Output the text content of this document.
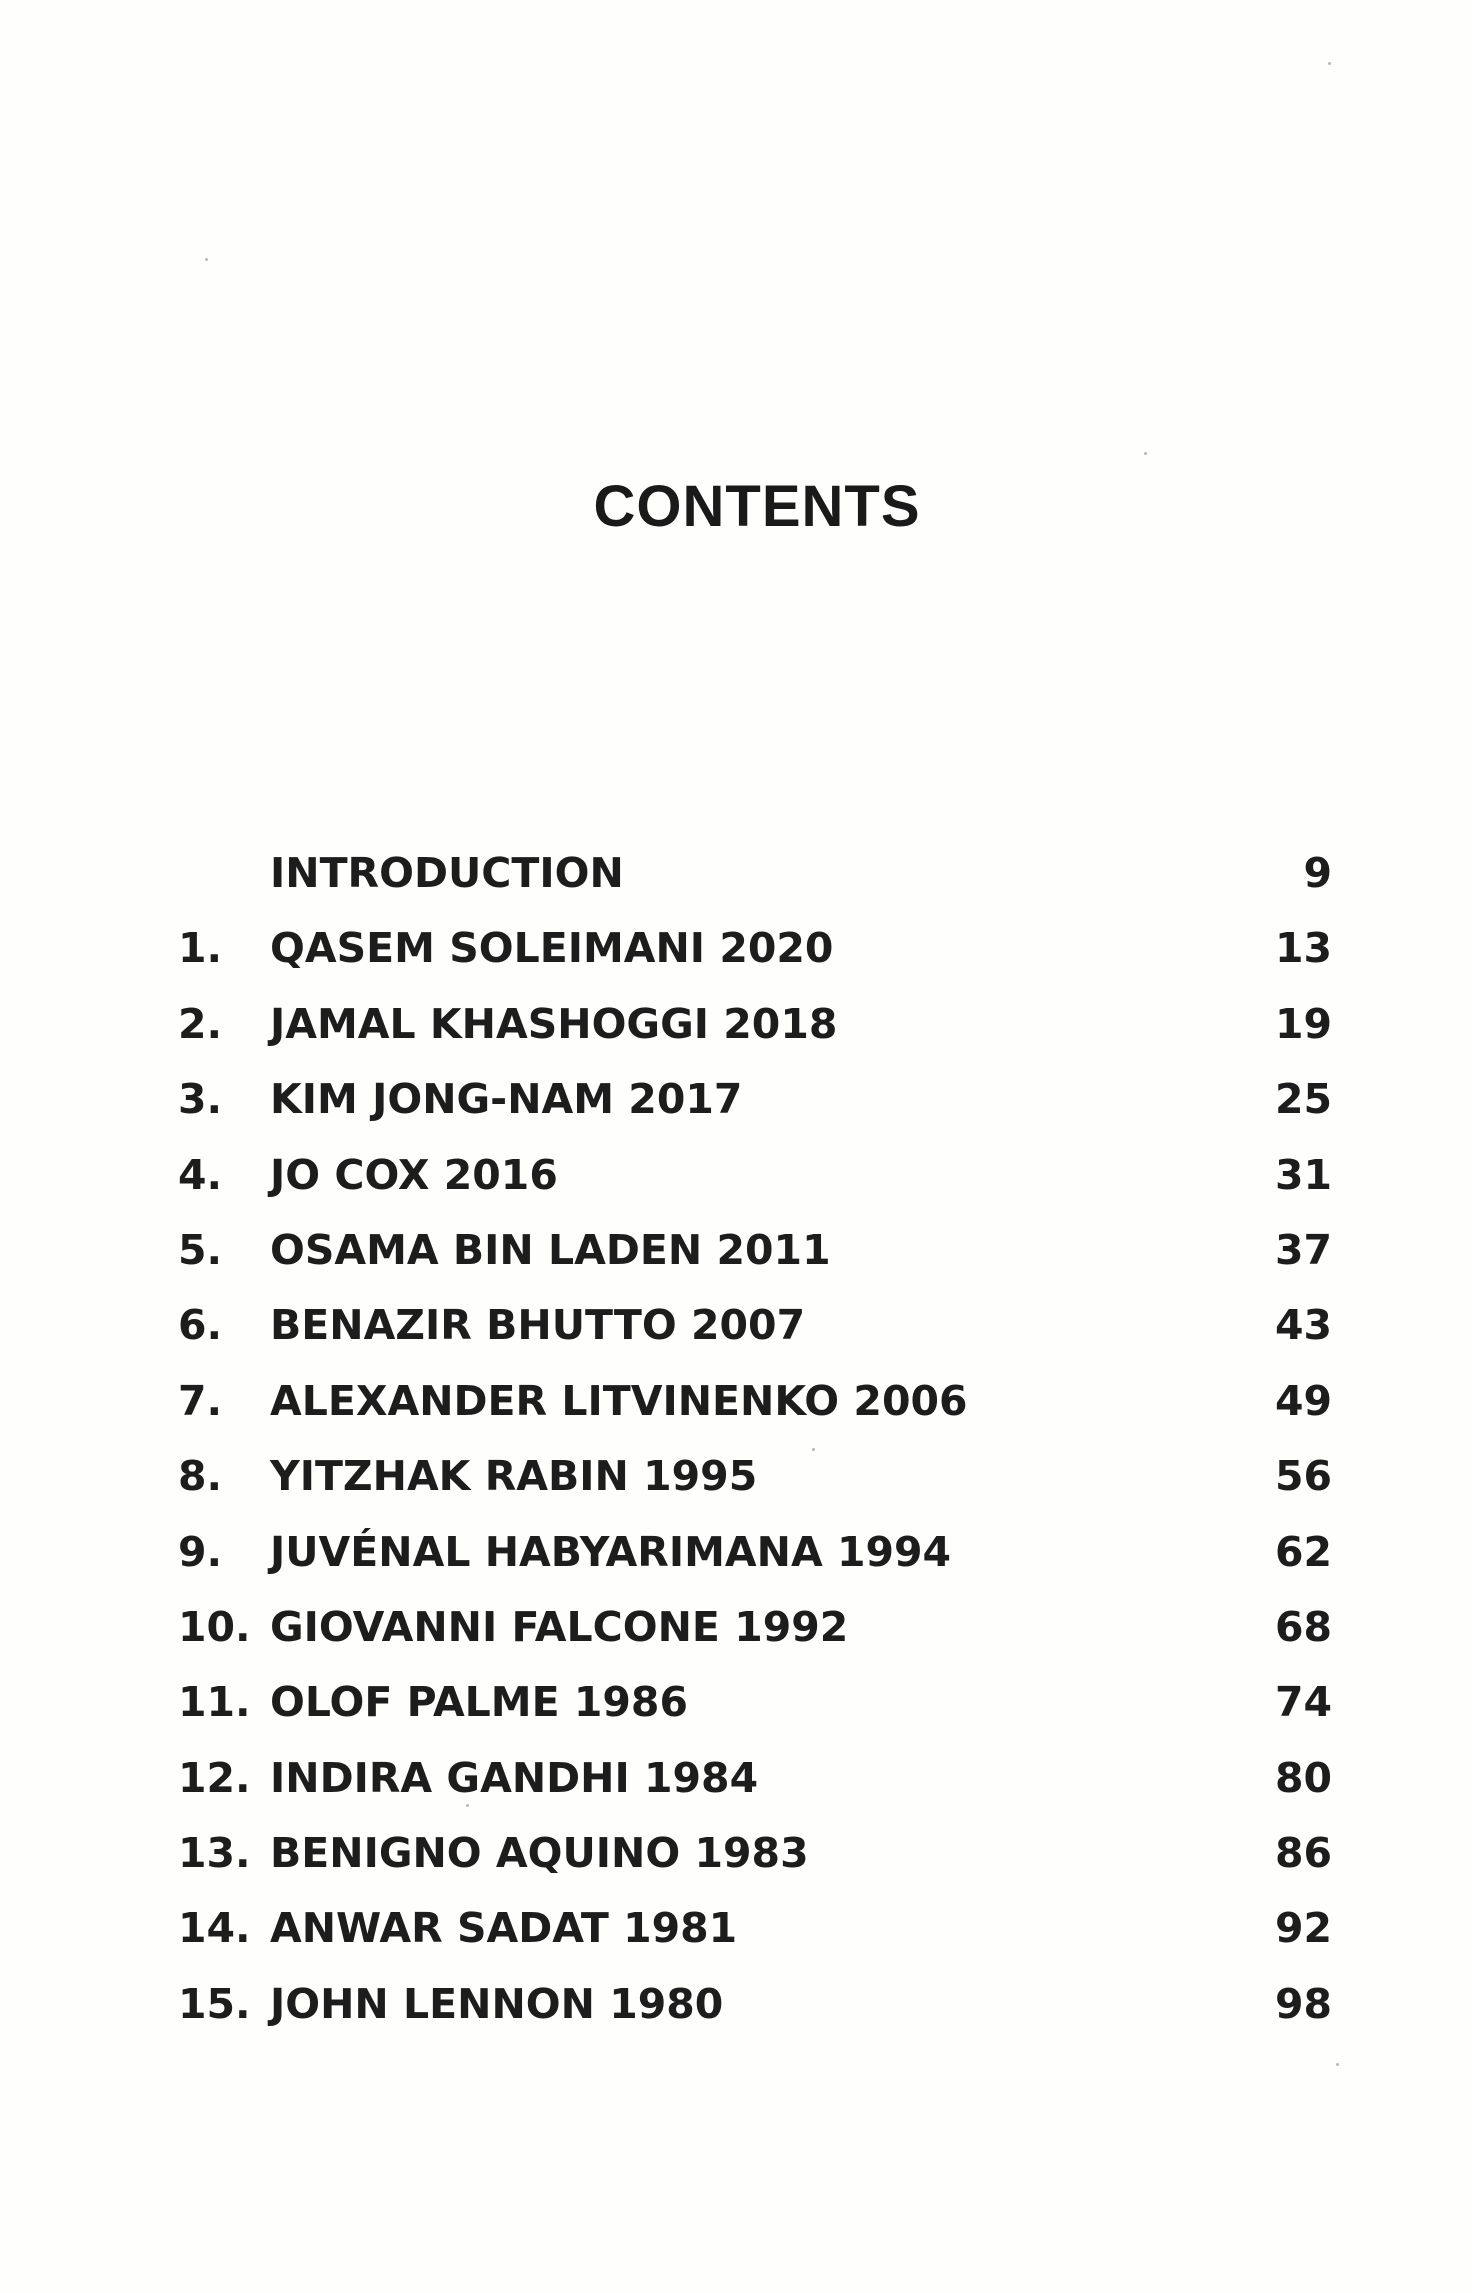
CONTENTS
INTRODUCTION	9
1. QASEM SOLEIMANI 2020	13
2. JAMAL KHASHOGGI 2018	19
3. KIM JONG-NAM 2017	25
4. JO COX 2016	31
5. OSAMA BIN LADEN 2011	37
6. BENAZIR BHUTTO 2007	43
7. ALEXANDER LITVINENKO 2006	49
8. YITZHAK RABIN 1995	56
9. JUVÉNAL HABYARIMANA 1994	62
10. GIOVANNI FALCONE 1992	68
11. OLOF PALME 1986	74
12. INDIRA GANDHI 1984	80
13. BENIGNO AQUINO 1983	86
14. ANWAR SADAT 1981	92
15. JOHN LENNON 1980	98
